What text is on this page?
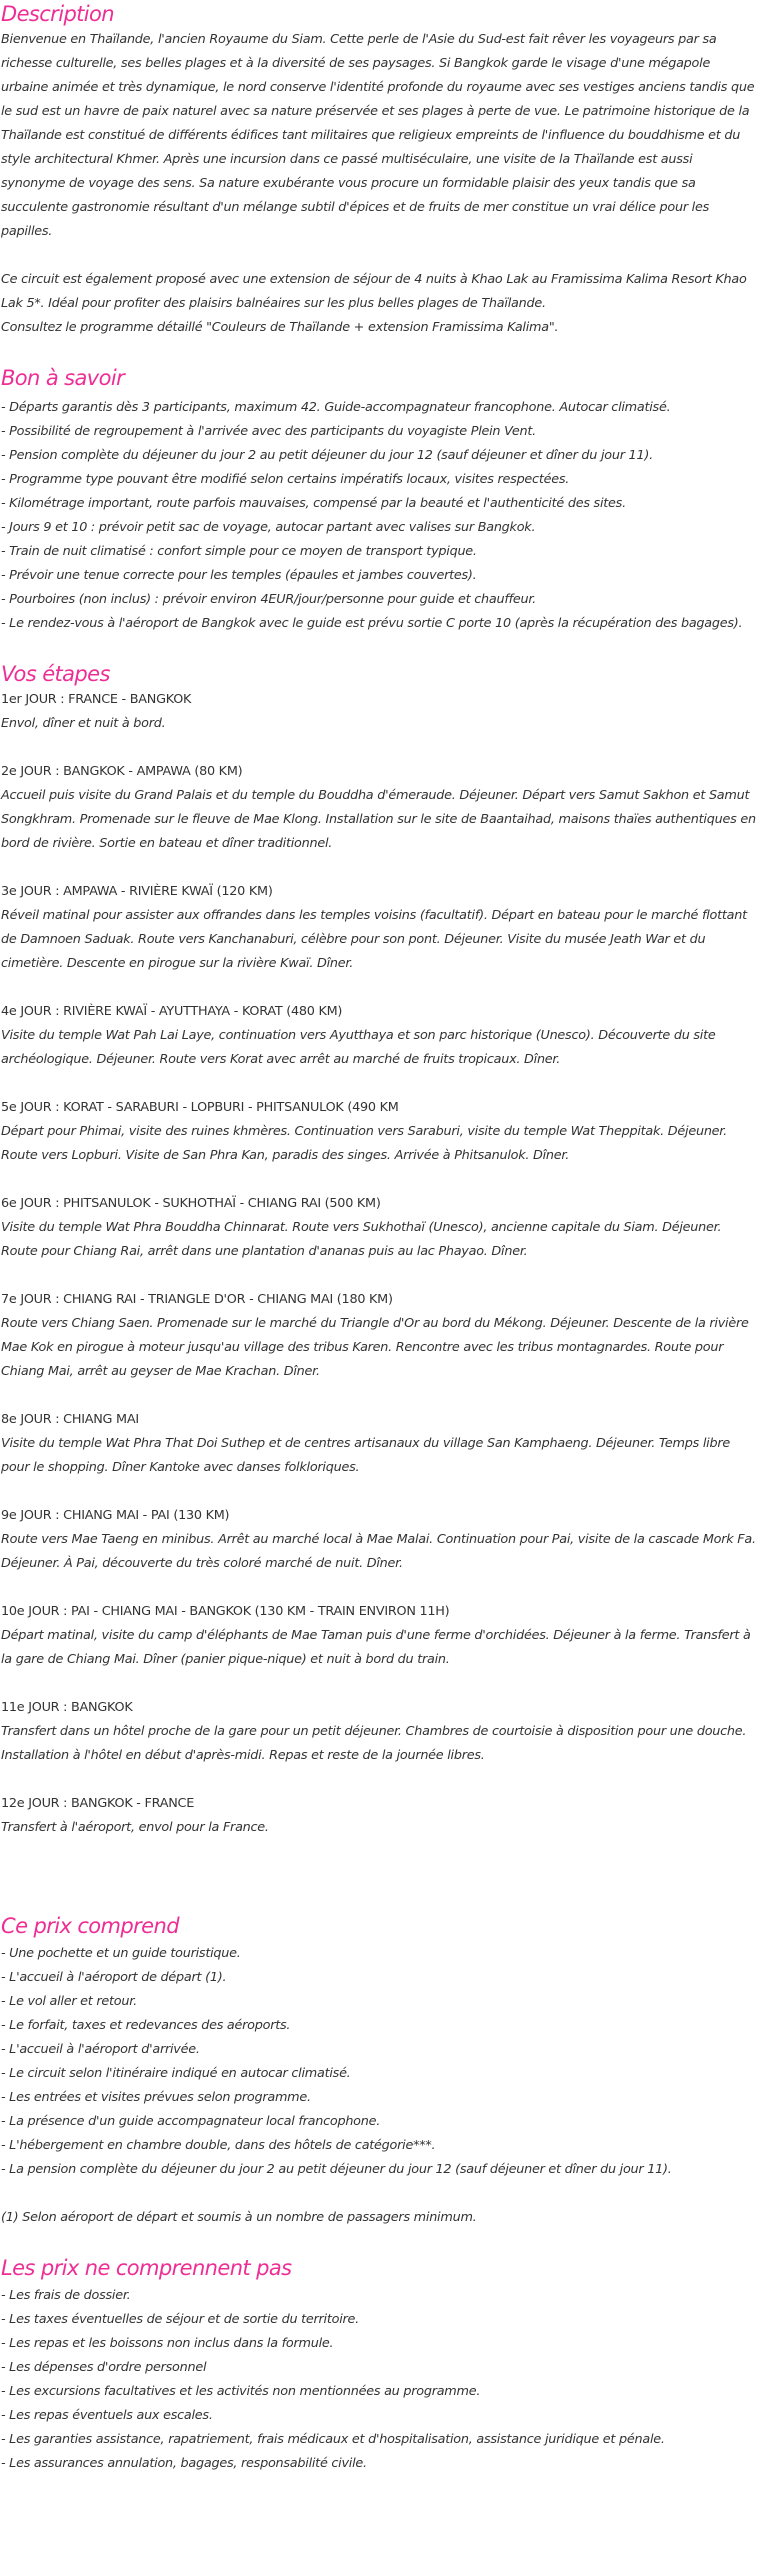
Description

Bienvenue en Thaïlande, l'ancien Royaume du Siam. Cette perle de l'Asie du Sud-est fait rêver les voyageurs par sa richesse culturelle, ses belles plages et à la diversité de ses paysages. Si Bangkok garde le visage d'une mégapole urbaine animée et très dynamique, le nord conserve l'identité profonde du royaume avec ses vestiges anciens tandis que le sud est un havre de paix naturel avec sa nature préservée et ses plages à perte de vue. Le patrimoine historique de la Thaïlande est constitué de différents édifices tant militaires que religieux empreints de l'influence du bouddhisme et du style architectural Khmer. Après une incursion dans ce passé multiséculaire, une visite de la Thaïlande est aussi synonyme de voyage des sens. Sa nature exubérante vous procure un formidable plaisir des yeux tandis que sa succulente gastronomie résultant d'un mélange subtil d'épices et de fruits de mer constitue un vrai délice pour les papilles.

Ce circuit est également proposé avec une extension de séjour de 4 nuits à Khao Lak au Framissima Kalima Resort Khao Lak 5*. Idéal pour profiter des plaisirs balnéaires sur les plus belles plages de Thaïlande.

Consultez le programme détaillé "Couleurs de Thaïlande + extension Framissima Kalima".

Bon à savoir
- Départs garantis dès 3 participants, maximum 42. Guide-accompagnateur francophone. Autocar climatisé.
- Possibilité de regroupement à l'arrivée avec des participants du voyagiste Plein Vent.
- Pension complète du déjeuner du jour 2 au petit déjeuner du jour 12 (sauf déjeuner et dîner du jour 11).
- Programme type pouvant être modifié selon certains impératifs locaux, visites respectées.
- Kilométrage important, route parfois mauvaises, compensé par la beauté et l'authenticité des sites.
- Jours 9 et 10 : prévoir petit sac de voyage, autocar partant avec valises sur Bangkok.
- Train de nuit climatisé : confort simple pour ce moyen de transport typique.
- Prévoir une tenue correcte pour les temples (épaules et jambes couvertes).
- Pourboires (non inclus) : prévoir environ 4EUR/jour/personne pour guide et chauffeur.
- Le rendez-vous à l'aéroport de Bangkok avec le guide est prévu sortie C porte 10 (après la récupération des bagages).
Vos étapes
1er JOUR : FRANCE - BANGKOK
Envol, dîner et nuit à bord.
2e JOUR : BANGKOK - AMPAWA (80 KM)
Accueil puis visite du Grand Palais et du temple du Bouddha d'émeraude. Déjeuner. Départ vers Samut Sakhon et Samut Songkhram. Promenade sur le fleuve de Mae Klong. Installation sur le site de Baantaihad, maisons thaïes authentiques en bord de rivière. Sortie en bateau et dîner traditionnel.
3e JOUR : AMPAWA - RIVIÈRE KWAÏ (120 KM)
Réveil matinal pour assister aux offrandes dans les temples voisins (facultatif). Départ en bateau pour le marché flottant de Damnoen Saduak. Route vers Kanchanaburi, célèbre pour son pont. Déjeuner. Visite du musée Jeath War et du cimetière. Descente en pirogue sur la rivière Kwaï. Dîner.
4e JOUR : RIVIÈRE KWAÏ - AYUTTHAYA - KORAT (480 KM)
Visite du temple Wat Pah Lai Laye, continuation vers Ayutthaya et son parc historique (Unesco). Découverte du site archéologique. Déjeuner. Route vers Korat avec arrêt au marché de fruits tropicaux. Dîner.
5e JOUR : KORAT - SARABURI - LOPBURI - PHITSANULOK (490 KM
Départ pour Phimai, visite des ruines khmères. Continuation vers Saraburi, visite du temple Wat Theppitak. Déjeuner. Route vers Lopburi. Visite de San Phra Kan, paradis des singes. Arrivée à Phitsanulok. Dîner.
6e JOUR : PHITSANULOK - SUKHOTHAÏ - CHIANG RAI (500 KM)
Visite du temple Wat Phra Bouddha Chinnarat. Route vers Sukhothaï (Unesco), ancienne capitale du Siam. Déjeuner. Route pour Chiang Rai, arrêt dans une plantation d'ananas puis au lac Phayao. Dîner.
7e JOUR : CHIANG RAI - TRIANGLE D'OR - CHIANG MAI (180 KM)
Route vers Chiang Saen. Promenade sur le marché du Triangle d'Or au bord du Mékong. Déjeuner. Descente de la rivière Mae Kok en pirogue à moteur jusqu'au village des tribus Karen. Rencontre avec les tribus montagnardes. Route pour Chiang Mai, arrêt au geyser de Mae Krachan. Dîner.
8e JOUR : CHIANG MAI
Visite du temple Wat Phra That Doi Suthep et de centres artisanaux du village San Kamphaeng. Déjeuner. Temps libre pour le shopping. Dîner Kantoke avec danses folkloriques.
9e JOUR : CHIANG MAI - PAI (130 KM)
Route vers Mae Taeng en minibus. Arrêt au marché local à Mae Malai. Continuation pour Pai, visite de la cascade Mork Fa. Déjeuner. À Pai, découverte du très coloré marché de nuit. Dîner.
10e JOUR : PAI - CHIANG MAI - BANGKOK (130 KM - TRAIN ENVIRON 11H)
Départ matinal, visite du camp d'éléphants de Mae Taman puis d'une ferme d'orchidées. Déjeuner à la ferme. Transfert à la gare de Chiang Mai. Dîner (panier pique-nique) et nuit à bord du train.
11e JOUR : BANGKOK
Transfert dans un hôtel proche de la gare pour un petit déjeuner. Chambres de courtoisie à disposition pour une douche. Installation à l'hôtel en début d'après-midi. Repas et reste de la journée libres.
12e JOUR : BANGKOK - FRANCE
Transfert à l'aéroport, envol pour la France.
Ce prix comprend
- Une pochette et un guide touristique.
- L'accueil à l'aéroport de départ (1).
- Le vol aller et retour.
- Le forfait, taxes et redevances des aéroports.
- L'accueil à l'aéroport d'arrivée.
- Le circuit selon l'itinéraire indiqué en autocar climatisé.
- Les entrées et visites prévues selon programme.
- La présence d'un guide accompagnateur local francophone.
- L'hébergement en chambre double, dans des hôtels de catégorie***.
- La pension complète du déjeuner du jour 2 au petit déjeuner du jour 12 (sauf déjeuner et dîner du jour 11).
(1) Selon aéroport de départ et soumis à un nombre de passagers minimum.
Les prix ne comprennent pas
- Les frais de dossier.
- Les taxes éventuelles de séjour et de sortie du territoire.
- Les repas et les boissons non inclus dans la formule.
- Les dépenses d'ordre personnel
- Les excursions facultatives et les activités non mentionnées au programme.
- Les repas éventuels aux escales.
- Les garanties assistance, rapatriement, frais médicaux et d'hospitalisation, assistance juridique et pénale.
- Les assurances annulation, bagages, responsabilité civile.
